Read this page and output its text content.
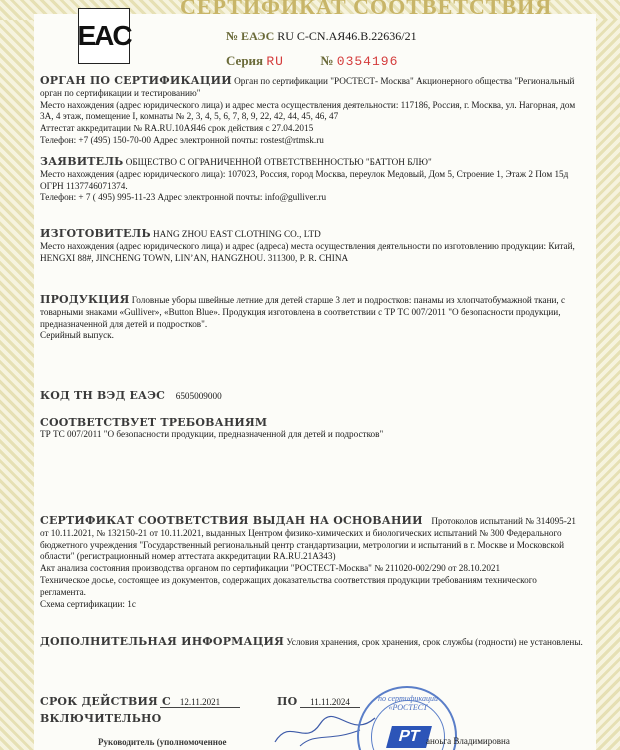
СЕРТИФИКАТ СООТВЕТСТВИЯ
EAC	№ ЕАЭС RU С-CN.АЯ46.В.22636/21
Серия RU	№ 0354196
ОРГАН ПО СЕРТИФИКАЦИИ Орган по сертификации "РОСТЕСТ- Москва" Акционерного общества "Региональный орган по сертификации и тестированию"
Место нахождения (адрес юридического лица) и адрес места осуществления деятельности: 117186, Россия, г. Москва, ул. Нагорная, дом 3А, 4 этаж, помещение I, комнаты № 2, 3, 4, 5, 6, 7, 8, 9, 22, 42, 44, 45, 46, 47
Аттестат аккредитации № RA.RU.10АЯ46 срок действия с 27.04.2015
Телефон: +7 (495) 150-70-00 Адрес электронной почты: rostest@rtmsk.ru
ЗАЯВИТЕЛЬ ОБЩЕСТВО С ОГРАНИЧЕННОЙ ОТВЕТСТВЕННОСТЬЮ "БАТТОН БЛЮ"
Место нахождения (адрес юридического лица): 107023, Россия, город Москва, переулок Медовый, Дом 5, Строение 1, Этаж 2 Пом 15д
ОГРН 1137746071374.
Телефон: + 7 ( 495) 995-11-23 Адрес электронной почты: info@gulliver.ru
ИЗГОТОВИТЕЛЬ HANG ZHOU EAST CLOTHING CO., LTD
Место нахождения (адрес юридического лица) и адрес (адреса) места осуществления деятельности по изготовлению продукции: Китай, HENGXI 88#, JINCHENG TOWN, LIN’AN, HANGZHOU. 311300, P. R. CHINA
ПРОДУКЦИЯ Головные уборы швейные летние для детей старше 3 лет и подростков: панамы из хлопчатобумажной ткани, с товарными знаками «Gulliver», «Button Blue». Продукция изготовлена в соответствии с ТР ТС 007/2011 "О безопасности продукции, предназначенной для детей и подростков".
Серийный выпуск.
КОД ТН ВЭД ЕАЭС 6505009000
СООТВЕТСТВУЕТ ТРЕБОВАНИЯМ
ТР ТС 007/2011 "О безопасности продукции, предназначенной для детей и подростков"
СЕРТИФИКАТ СООТВЕТСТВИЯ ВЫДАН НА ОСНОВАНИИ Протоколов испытаний № 314095-21 от 10.11.2021, № 132150-21 от 10.11.2021, выданных Центром физико-химических и биологических испытаний № 300 Федерального бюджетного учреждения "Государственный региональный центр стандартизации, метрологии и испытаний в г. Москве и Московской области" (регистрационный номер аттестата аккредитации RA.RU.21АЗ43)
Акт анализа состояния производства органом по сертификации "РОСТЕСТ-Москва" № 211020-002/290 от 28.10.2021
Техническое досье, состоящее из документов, содержащих доказательства соответствия продукции требованиям технического регламента.
Схема сертификации: 1с
ДОПОЛНИТЕЛЬНАЯ ИНФОРМАЦИЯ Условия хранения, срок хранения, срок службы (годности) не установлены.
СРОК ДЕЙСТВИЯ С
ВКЛЮЧИТЕЛЬНО
12.11.2021	ПО	11.11.2024
Руководитель (уполномоченное
по сертификации «РОСТЕСТ
РТ аноьга Владимировна
